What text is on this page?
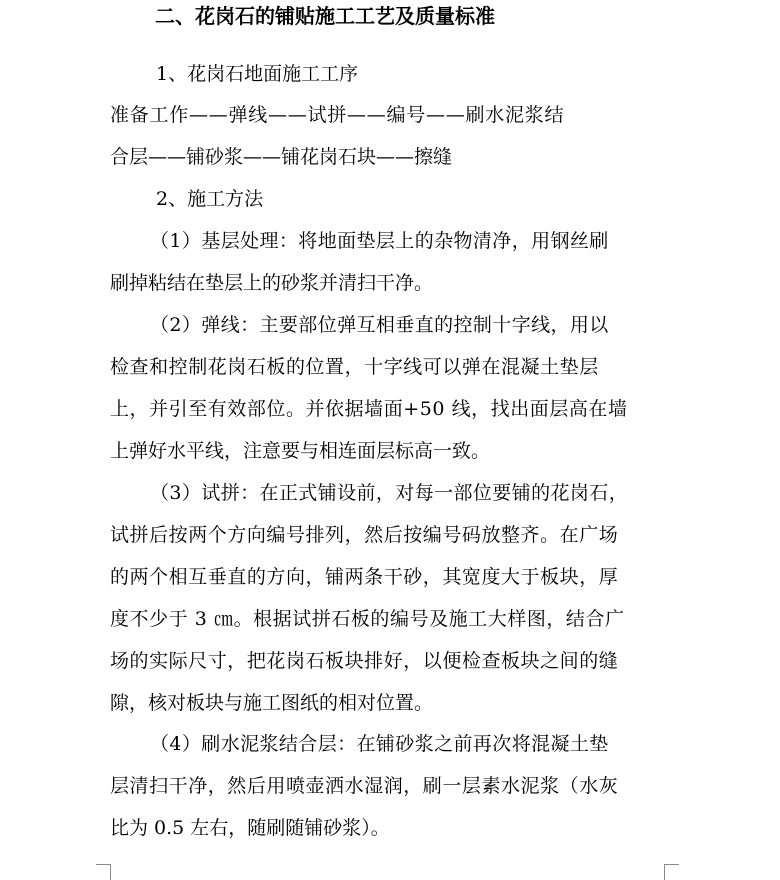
二、花岗石的铺贴施工工艺及质量标准
1、花岗石地面施工工序
准备工作——弹线——试拼——编号——刷水泥浆结
合层——铺砂浆——铺花岗石块——擦缝
2、施工方法
（1）基层处理：将地面垫层上的杂物清净，用钢丝刷
刷掉粘结在垫层上的砂浆并清扫干净。
（2）弹线：主要部位弹互相垂直的控制十字线，用以
检查和控制花岗石板的位置，十字线可以弹在混凝土垫层
上，并引至有效部位。并依据墙面+50 线，找出面层高在墙
上弹好水平线，注意要与相连面层标高一致。
（3）试拼：在正式铺设前，对每一部位要铺的花岗石，
试拼后按两个方向编号排列，然后按编号码放整齐。在广场
的两个相互垂直的方向，铺两条干砂，其宽度大于板块，厚
度不少于 3 ㎝。根据试拼石板的编号及施工大样图，结合广
场的实际尺寸，把花岗石板块排好，以便检查板块之间的缝
隙，核对板块与施工图纸的相对位置。
（4）刷水泥浆结合层：在铺砂浆之前再次将混凝土垫
层清扫干净，然后用喷壶洒水湿润，刷一层素水泥浆（水灰
比为 0.5 左右，随刷随铺砂浆）。
